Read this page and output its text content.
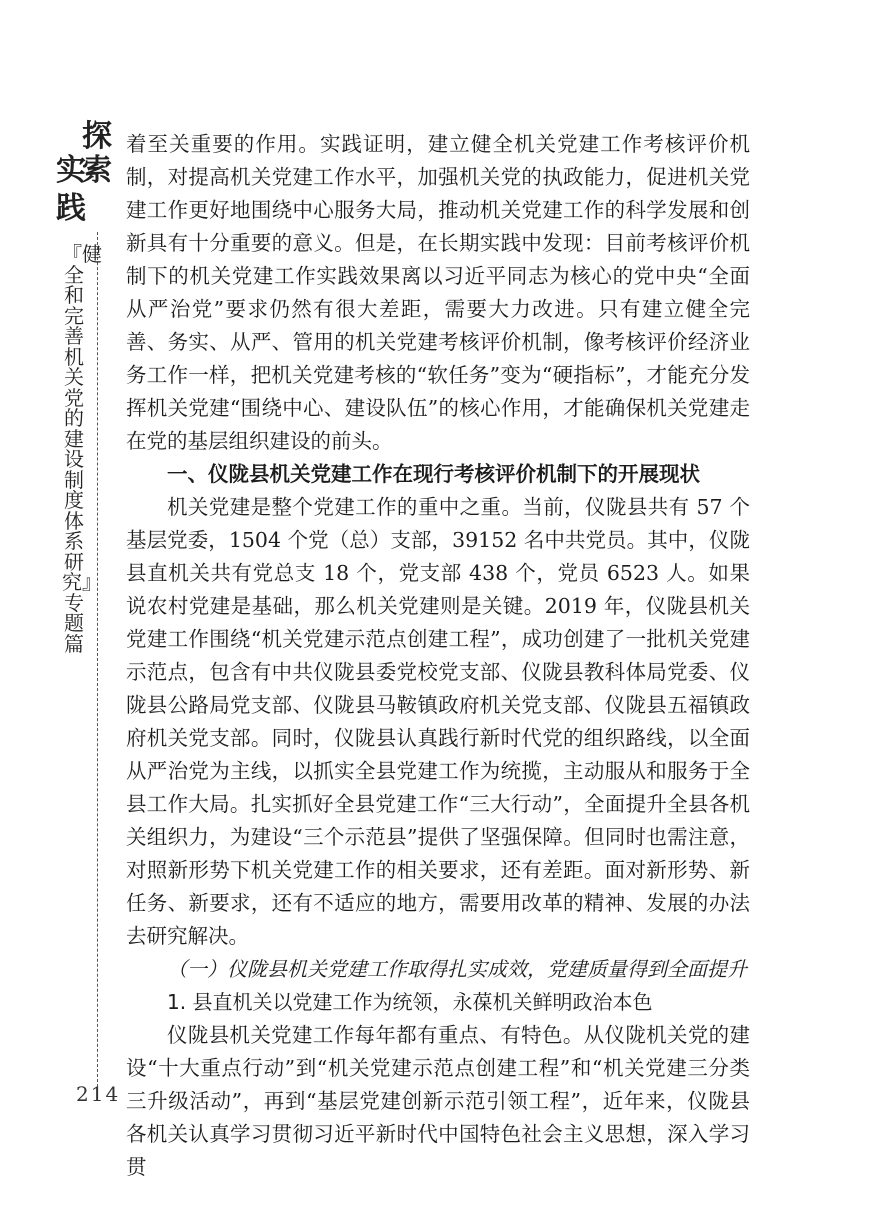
探
实
索
践
『健全和完善机关党的建设制度体系研究』专题篇
214

着至关重要的作用。实践证明，建立健全机关党建工作考核评价机制，对提高机关党建工作水平，加强机关党的执政能力，促进机关党建工作更好地围绕中心服务大局，推动机关党建工作的科学发展和创新具有十分重要的意义。但是，在长期实践中发现：目前考核评价机制下的机关党建工作实践效果离以习近平同志为核心的党中央“全面从严治党”要求仍然有很大差距，需要大力改进。只有建立健全完善、务实、从严、管用的机关党建考核评价机制，像考核评价经济业务工作一样，把机关党建考核的“软任务”变为“硬指标”，才能充分发挥机关党建“围绕中心、建设队伍”的核心作用，才能确保机关党建走在党的基层组织建设的前头。

一、仪陇县机关党建工作在现行考核评价机制下的开展现状

机关党建是整个党建工作的重中之重。当前，仪陇县共有 57 个基层党委，1504 个党（总）支部，39152 名中共党员。其中，仪陇县直机关共有党总支 18 个，党支部 438 个，党员 6523 人。如果说农村党建是基础，那么机关党建则是关键。2019 年，仪陇县机关党建工作围绕“机关党建示范点创建工程”，成功创建了一批机关党建示范点，包含有中共仪陇县委党校党支部、仪陇县教科体局党委、仪陇县公路局党支部、仪陇县马鞍镇政府机关党支部、仪陇县五福镇政府机关党支部。同时，仪陇县认真践行新时代党的组织路线，以全面从严治党为主线，以抓实全县党建工作为统揽，主动服从和服务于全县工作大局。扎实抓好全县党建工作“三大行动”，全面提升全县各机关组织力，为建设“三个示范县”提供了坚强保障。但同时也需注意，对照新形势下机关党建工作的相关要求，还有差距。面对新形势、新任务、新要求，还有不适应的地方，需要用改革的精神、发展的办法去研究解决。

（一）仪陇县机关党建工作取得扎实成效，党建质量得到全面提升

1. 县直机关以党建工作为统领，永葆机关鲜明政治本色

仪陇县机关党建工作每年都有重点、有特色。从仪陇机关党的建设“十大重点行动”到“机关党建示范点创建工程”和“机关党建三分类三升级活动”，再到“基层党建创新示范引领工程”，近年来，仪陇县各机关认真学习贯彻习近平新时代中国特色社会主义思想，深入学习贯
